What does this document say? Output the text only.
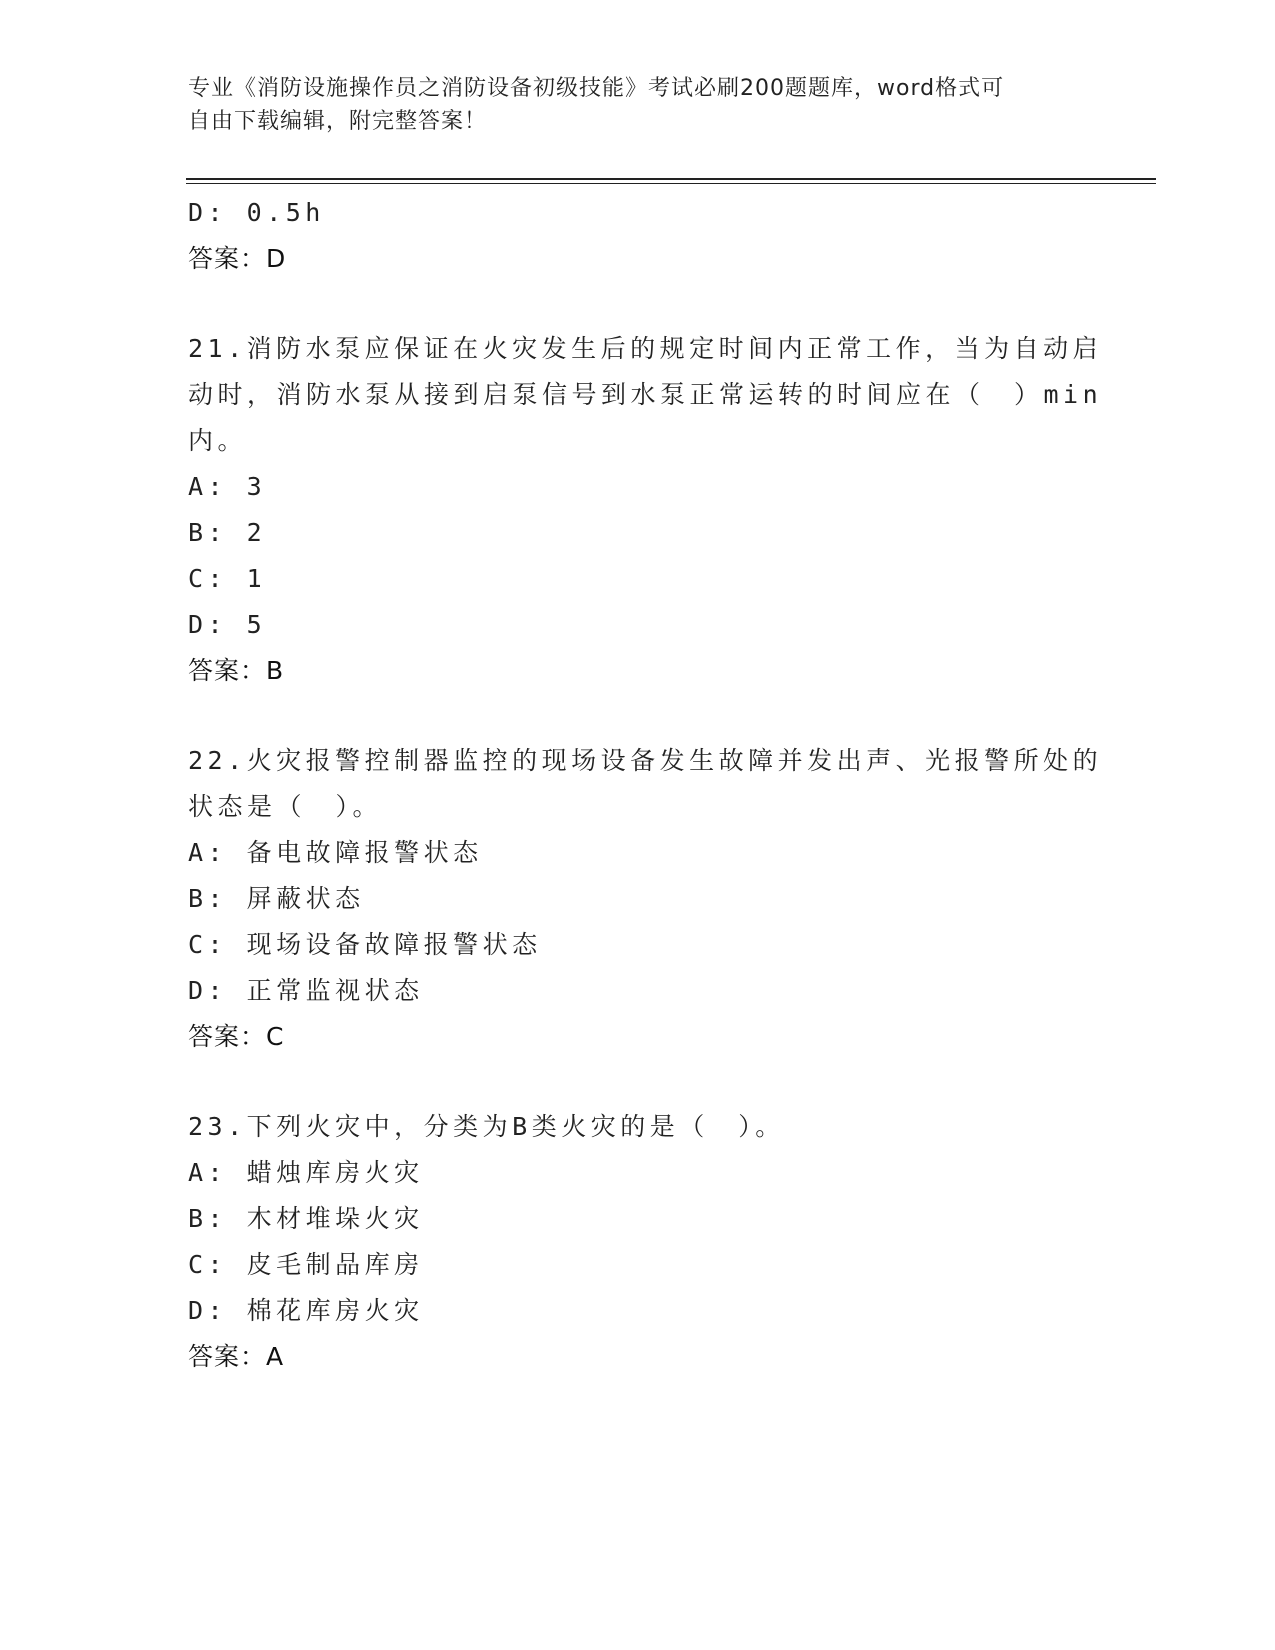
专业《消防设施操作员之消防设备初级技能》考试必刷200题题库，word格式可
自由下载编辑，附完整答案！
D: 0.5h
答案：D
21.消防水泵应保证在火灾发生后的规定时间内正常工作，当为自动启
动时，消防水泵从接到启泵信号到水泵正常运转的时间应在（　）min
内。
A: 3
B: 2
C: 1
D: 5
答案：B
22.火灾报警控制器监控的现场设备发生故障并发出声、光报警所处的
状态是（　）。
A: 备电故障报警状态
B: 屏蔽状态
C: 现场设备故障报警状态
D: 正常监视状态
答案：C
23.下列火灾中，分类为B类火灾的是（　）。
A: 蜡烛库房火灾
B: 木材堆垛火灾
C: 皮毛制品库房
D: 棉花库房火灾
答案：A
